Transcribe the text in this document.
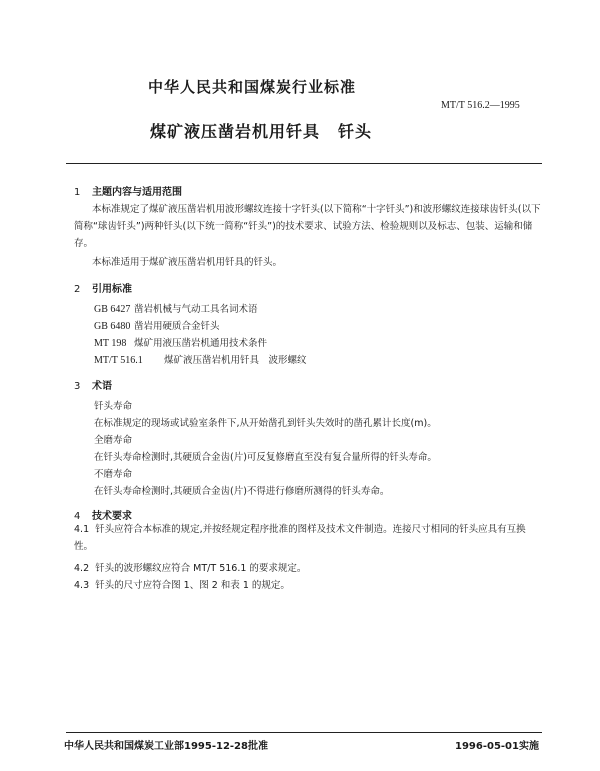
中华人民共和国煤炭行业标准
MT/T 516.2—1995
煤矿液压凿岩机用钎具 钎头
1 主题内容与适用范围
本标准规定了煤矿液压凿岩机用波形螺纹连接十字钎头(以下简称“十字钎头”)和波形螺纹连接球齿钎头(以下简称“球齿钎头”)两种钎头(以下统一简称“钎头”)的技术要求、试验方法、检验规则以及标志、包装、运输和储存。
本标准适用于煤矿液压凿岩机用钎具的钎头。
2 引用标准
GB 6427 凿岩机械与气动工具名词术语
GB 6480 凿岩用硬质合金钎头
MT 198 煤矿用液压凿岩机通用技术条件
MT/T 516.1 煤矿液压凿岩机用钎具　波形螺纹
3 术语
钎头寿命
在标准规定的现场或试验室条件下,从开始凿孔到钎头失效时的凿孔累计长度(m)。
全磨寿命
在钎头寿命检测时,其硬质合金齿(片)可反复修磨直至没有复合量所得的钎头寿命。
不磨寿命
在钎头寿命检测时,其硬质合金齿(片)不得进行修磨所测得的钎头寿命。
4 技术要求
4.1 钎头应符合本标准的规定,并按经规定程序批准的图样及技术文件制造。连接尺寸相同的钎头应具有互换性。
4.2 钎头的波形螺纹应符合 MT/T 516.1 的要求规定。
4.3 钎头的尺寸应符合图 1、图 2 和表 1 的规定。
中华人民共和国煤炭工业部1995-12-28批准	1996-05-01实施
